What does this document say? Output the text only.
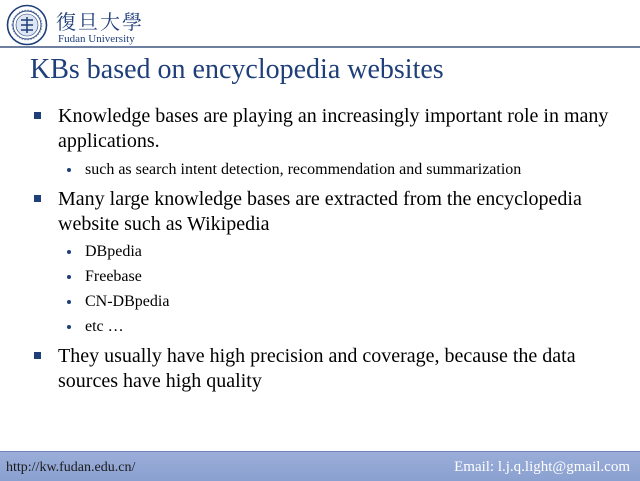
復旦大學
Fudan University
KBs based on encyclopedia websites
Knowledge bases are playing an increasingly important role in many applications.
such as search intent detection, recommendation and summarization
Many large knowledge bases are extracted from the encyclopedia website such as Wikipedia
DBpedia
Freebase
CN-DBpedia
etc …
They usually have high precision and coverage, because the data sources have high quality
http://kw.fudan.edu.cn/	Email: l.j.q.light@gmail.com
